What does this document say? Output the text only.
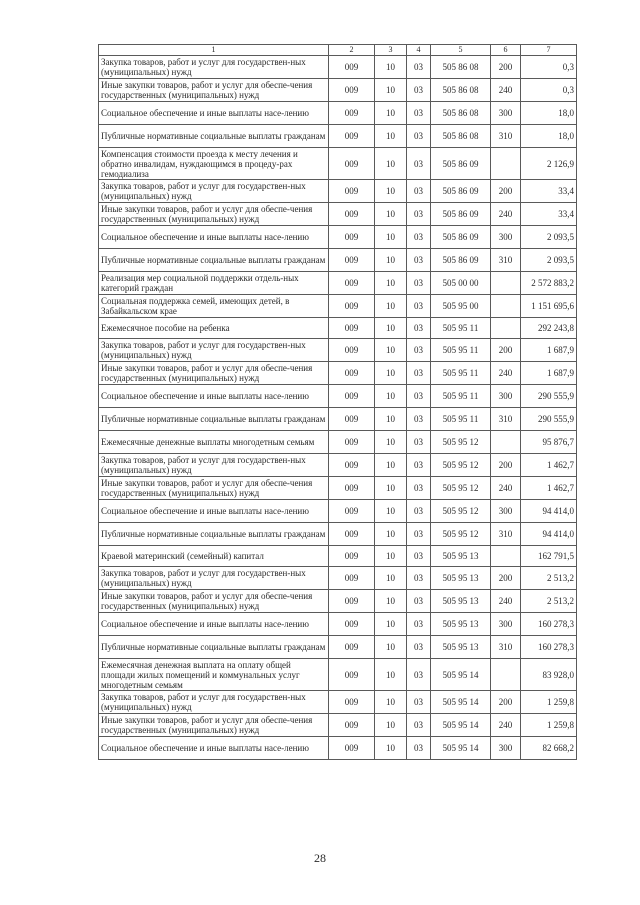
1	2	3	4	5	6	7
Закупка товаров, работ и услуг для государствен-ных (муниципальных) нужд	009	10	03	505 86 08	200	0,3
Иные закупки товаров, работ и услуг для обеспе-чения государственных (муниципальных) нужд	009	10	03	505 86 08	240	0,3
Социальное обеспечение и иные выплаты насе-лению	009	10	03	505 86 08	300	18,0
Публичные нормативные социальные выплаты гражданам	009	10	03	505 86 08	310	18,0
Компенсация стоимости проезда к месту лечения и обратно инвалидам, нуждающимся в процеду-рах гемодиализа	009	10	03	505 86 09		2 126,9
Закупка товаров, работ и услуг для государствен-ных (муниципальных) нужд	009	10	03	505 86 09	200	33,4
Иные закупки товаров, работ и услуг для обеспе-чения государственных (муниципальных) нужд	009	10	03	505 86 09	240	33,4
Социальное обеспечение и иные выплаты насе-лению	009	10	03	505 86 09	300	2 093,5
Публичные нормативные социальные выплаты гражданам	009	10	03	505 86 09	310	2 093,5
Реализация мер социальной поддержки отдель-ных категорий граждан	009	10	03	505 00 00		2 572 883,2
Социальная поддержка семей, имеющих детей, в Забайкальском крае	009	10	03	505 95 00		1 151 695,6
Ежемесячное пособие на ребенка	009	10	03	505 95 11		292 243,8
Закупка товаров, работ и услуг для государствен-ных (муниципальных) нужд	009	10	03	505 95 11	200	1 687,9
Иные закупки товаров, работ и услуг для обеспе-чения государственных (муниципальных) нужд	009	10	03	505 95 11	240	1 687,9
Социальное обеспечение и иные выплаты насе-лению	009	10	03	505 95 11	300	290 555,9
Публичные нормативные социальные выплаты гражданам	009	10	03	505 95 11	310	290 555,9
Ежемесячные денежные выплаты многодетным семьям	009	10	03	505 95 12		95 876,7
Закупка товаров, работ и услуг для государствен-ных (муниципальных) нужд	009	10	03	505 95 12	200	1 462,7
Иные закупки товаров, работ и услуг для обеспе-чения государственных (муниципальных) нужд	009	10	03	505 95 12	240	1 462,7
Социальное обеспечение и иные выплаты насе-лению	009	10	03	505 95 12	300	94 414,0
Публичные нормативные социальные выплаты гражданам	009	10	03	505 95 12	310	94 414,0
Краевой материнский (семейный) капитал	009	10	03	505 95 13		162 791,5
Закупка товаров, работ и услуг для государствен-ных (муниципальных) нужд	009	10	03	505 95 13	200	2 513,2
Иные закупки товаров, работ и услуг для обеспе-чения государственных (муниципальных) нужд	009	10	03	505 95 13	240	2 513,2
Социальное обеспечение и иные выплаты насе-лению	009	10	03	505 95 13	300	160 278,3
Публичные нормативные социальные выплаты гражданам	009	10	03	505 95 13	310	160 278,3
Ежемесячная денежная выплата на оплату общей площади жилых помещений и коммунальных услуг многодетным семьям	009	10	03	505 95 14		83 928,0
Закупка товаров, работ и услуг для государствен-ных (муниципальных) нужд	009	10	03	505 95 14	200	1 259,8
Иные закупки товаров, работ и услуг для обеспе-чения государственных (муниципальных) нужд	009	10	03	505 95 14	240	1 259,8
Социальное обеспечение и иные выплаты насе-лению	009	10	03	505 95 14	300	82 668,2
28
